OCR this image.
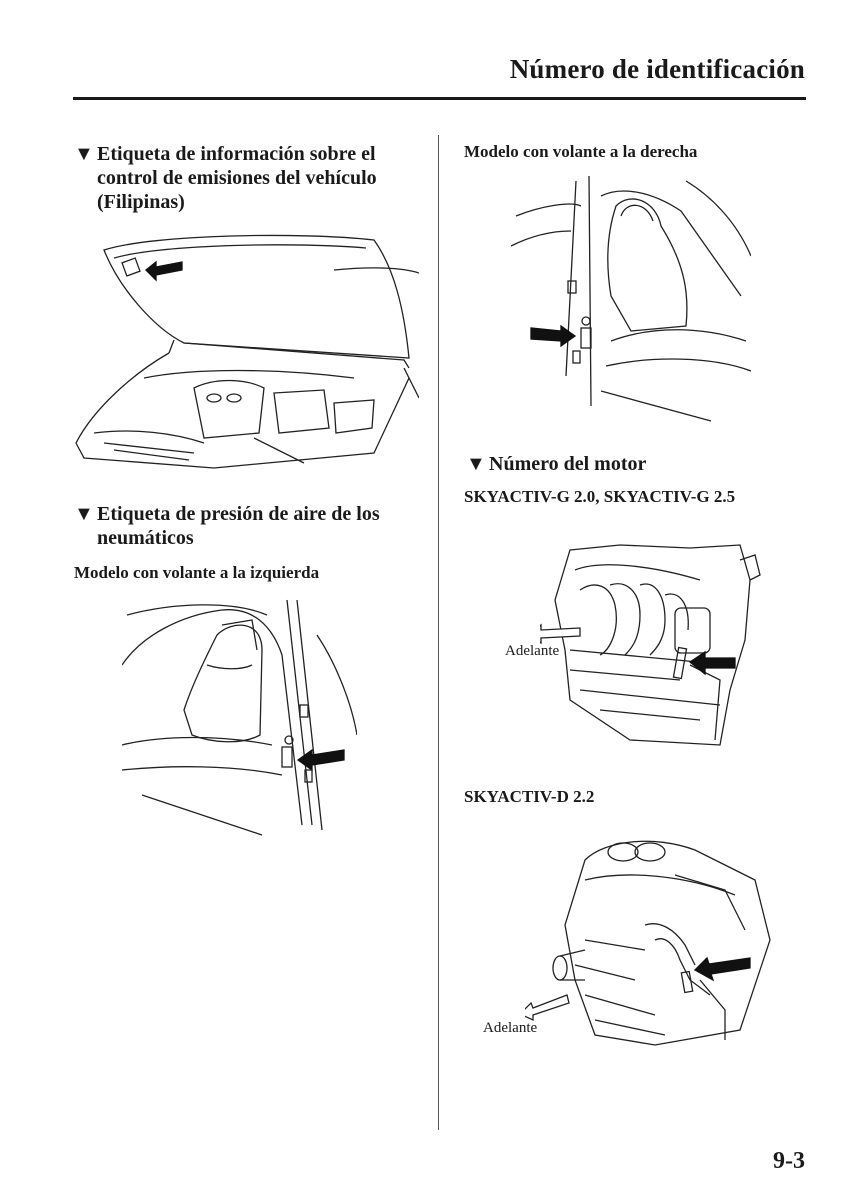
Número de identificación
▼ Etiqueta de información sobre el control de emisiones del vehículo (Filipinas)
▼ Etiqueta de presión de aire de los neumáticos
Modelo con volante a la izquierda
Modelo con volante a la derecha
▼ Número del motor
SKYACTIV-G 2.0, SKYACTIV-G 2.5
Adelante
SKYACTIV-D 2.2
Adelante
9-3
